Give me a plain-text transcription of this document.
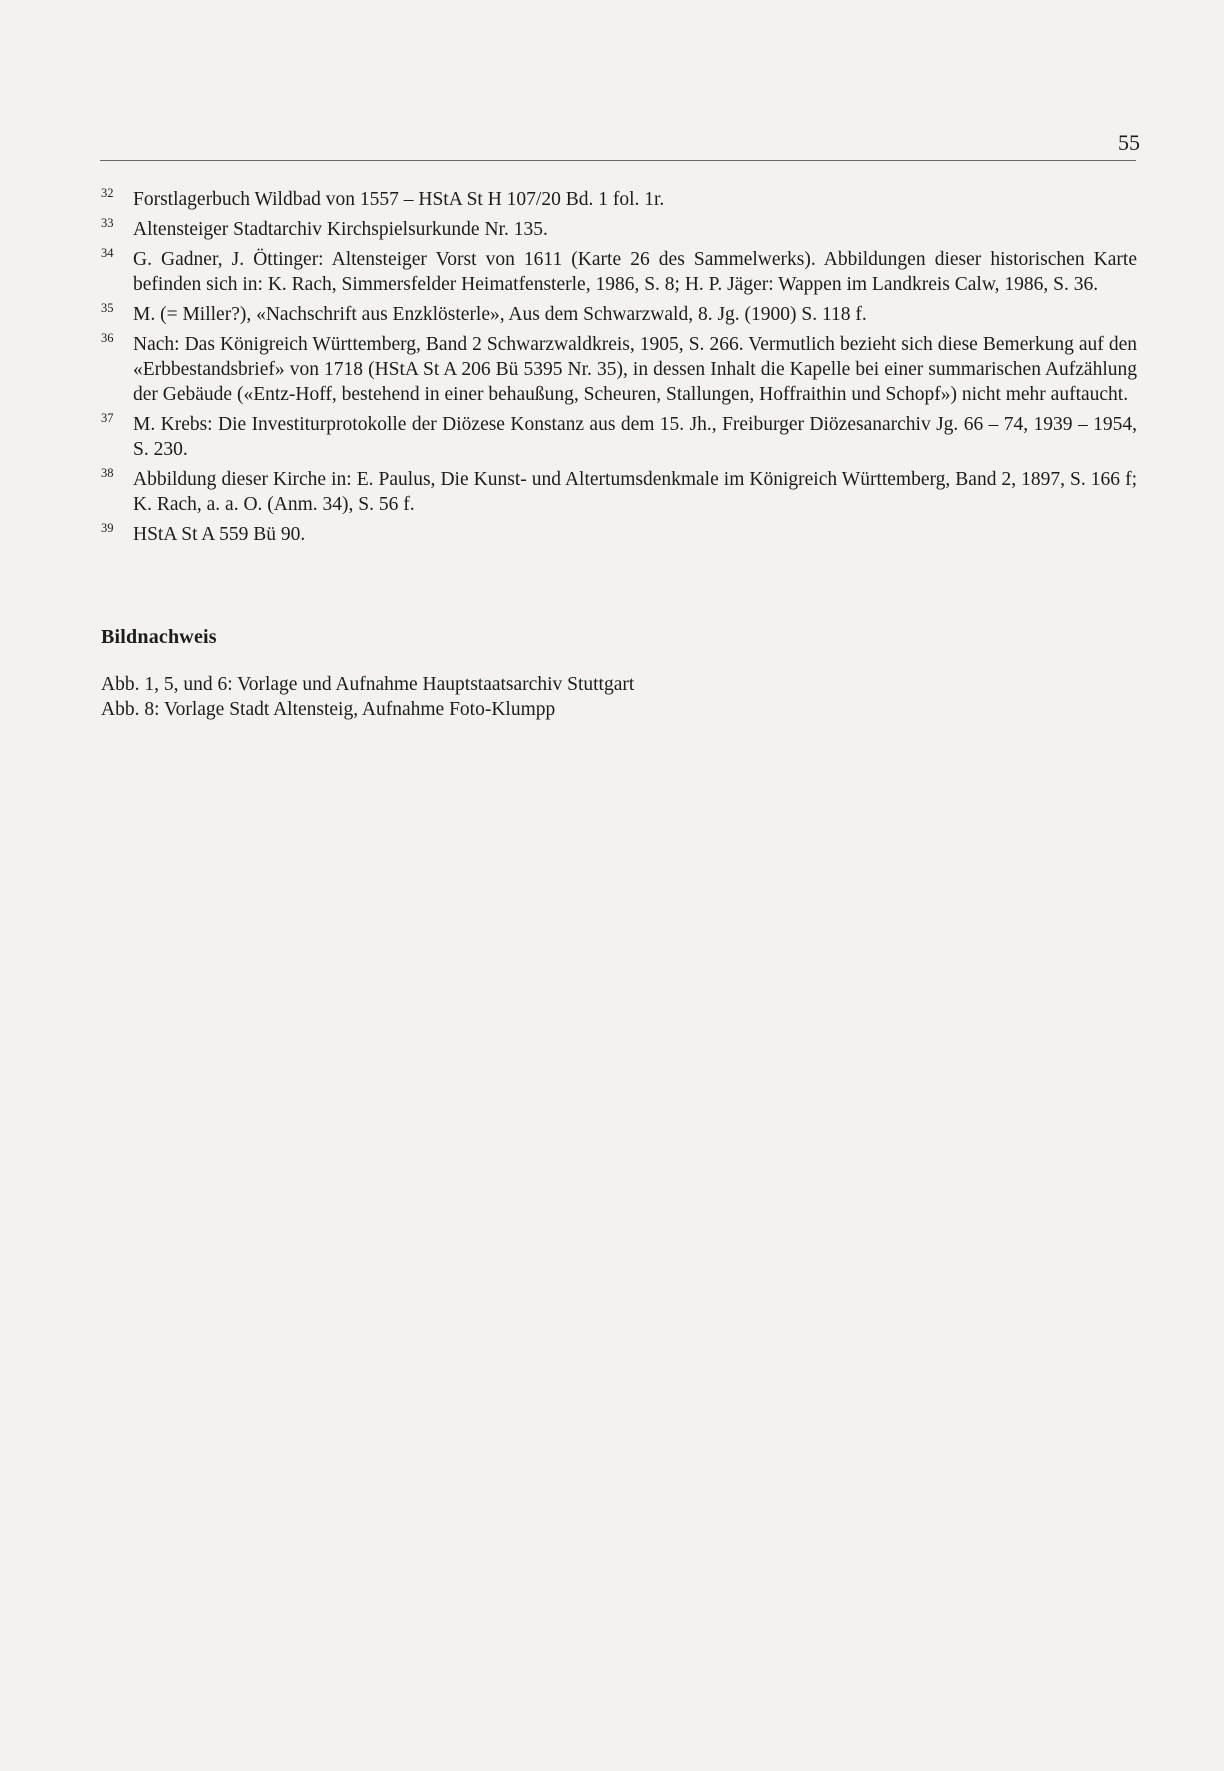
55
32 Forstlagerbuch Wildbad von 1557 – HStA St H 107/20 Bd. 1 fol. 1r.
33 Altensteiger Stadtarchiv Kirchspielsurkunde Nr. 135.
34 G. Gadner, J. Öttinger: Altensteiger Vorst von 1611 (Karte 26 des Sammelwerks). Abbildungen dieser historischen Karte befinden sich in: K. Rach, Simmersfelder Heimatfensterle, 1986, S. 8; H. P. Jäger: Wappen im Landkreis Calw, 1986, S. 36.
35 M. (= Miller?), «Nachschrift aus Enzklösterle», Aus dem Schwarzwald, 8. Jg. (1900) S. 118 f.
36 Nach: Das Königreich Württemberg, Band 2 Schwarzwaldkreis, 1905, S. 266. Vermutlich bezieht sich diese Bemerkung auf den «Erbbestandsbrief» von 1718 (HStA St A 206 Bü 5395 Nr. 35), in dessen Inhalt die Kapelle bei einer summarischen Aufzählung der Gebäude («Entz-Hoff, bestehend in einer behaußung, Scheuren, Stallungen, Hoffraithin und Schopf») nicht mehr auftaucht.
37 M. Krebs: Die Investiturprotokolle der Diözese Konstanz aus dem 15. Jh., Freiburger Diözesanarchiv Jg. 66 – 74, 1939 – 1954, S. 230.
38 Abbildung dieser Kirche in: E. Paulus, Die Kunst- und Altertumsdenkmale im Königreich Württemberg, Band 2, 1897, S. 166 f; K. Rach, a. a. O. (Anm. 34), S. 56 f.
39 HStA St A 559 Bü 90.
Bildnachweis

Abb. 1, 5, und 6: Vorlage und Aufnahme Hauptstaatsarchiv Stuttgart

Abb. 8: Vorlage Stadt Altensteig, Aufnahme Foto-Klumpp
